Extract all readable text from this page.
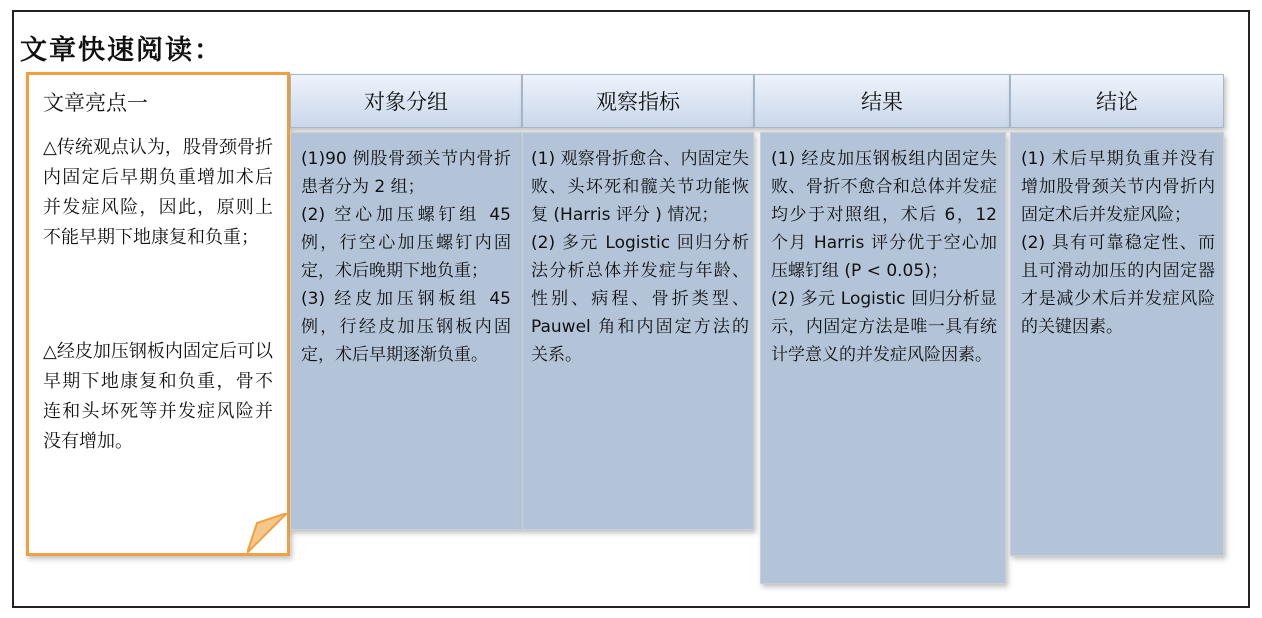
文章快速阅读：
文章亮点一
△传统观点认为，股骨颈骨折内固定后早期负重增加术后并发症风险，因此，原则上不能早期下地康复和负重；
△经皮加压钢板内固定后可以早期下地康复和负重，骨不连和头坏死等并发症风险并没有增加。
对象分组

(1)90 例股骨颈关节内骨折患者分为 2 组；

(2) 空心加压螺钉组 45 例，行空心加压螺钉内固定，术后晚期下地负重；

(3) 经皮加压钢板组 45 例，行经皮加压钢板内固定，术后早期逐渐负重。

观察指标

(1) 观察骨折愈合、内固定失败、头坏死和髋关节功能恢复 (Harris 评分 ) 情况；

(2) 多元 Logistic 回归分析法分析总体并发症与年龄、性别、病程、骨折类型、Pauwel 角和内固定方法的关系。

结果

(1) 经皮加压钢板组内固定失败、骨折不愈合和总体并发症均少于对照组，术后 6，12 个月 Harris 评分优于空心加压螺钉组 (P < 0.05)；

(2) 多元 Logistic 回归分析显示，内固定方法是唯一具有统计学意义的并发症风险因素。

结论

(1) 术后早期负重并没有增加股骨颈关节内骨折内固定术后并发症风险；

(2) 具有可靠稳定性、而且可滑动加压的内固定器才是减少术后并发症风险的关键因素。
